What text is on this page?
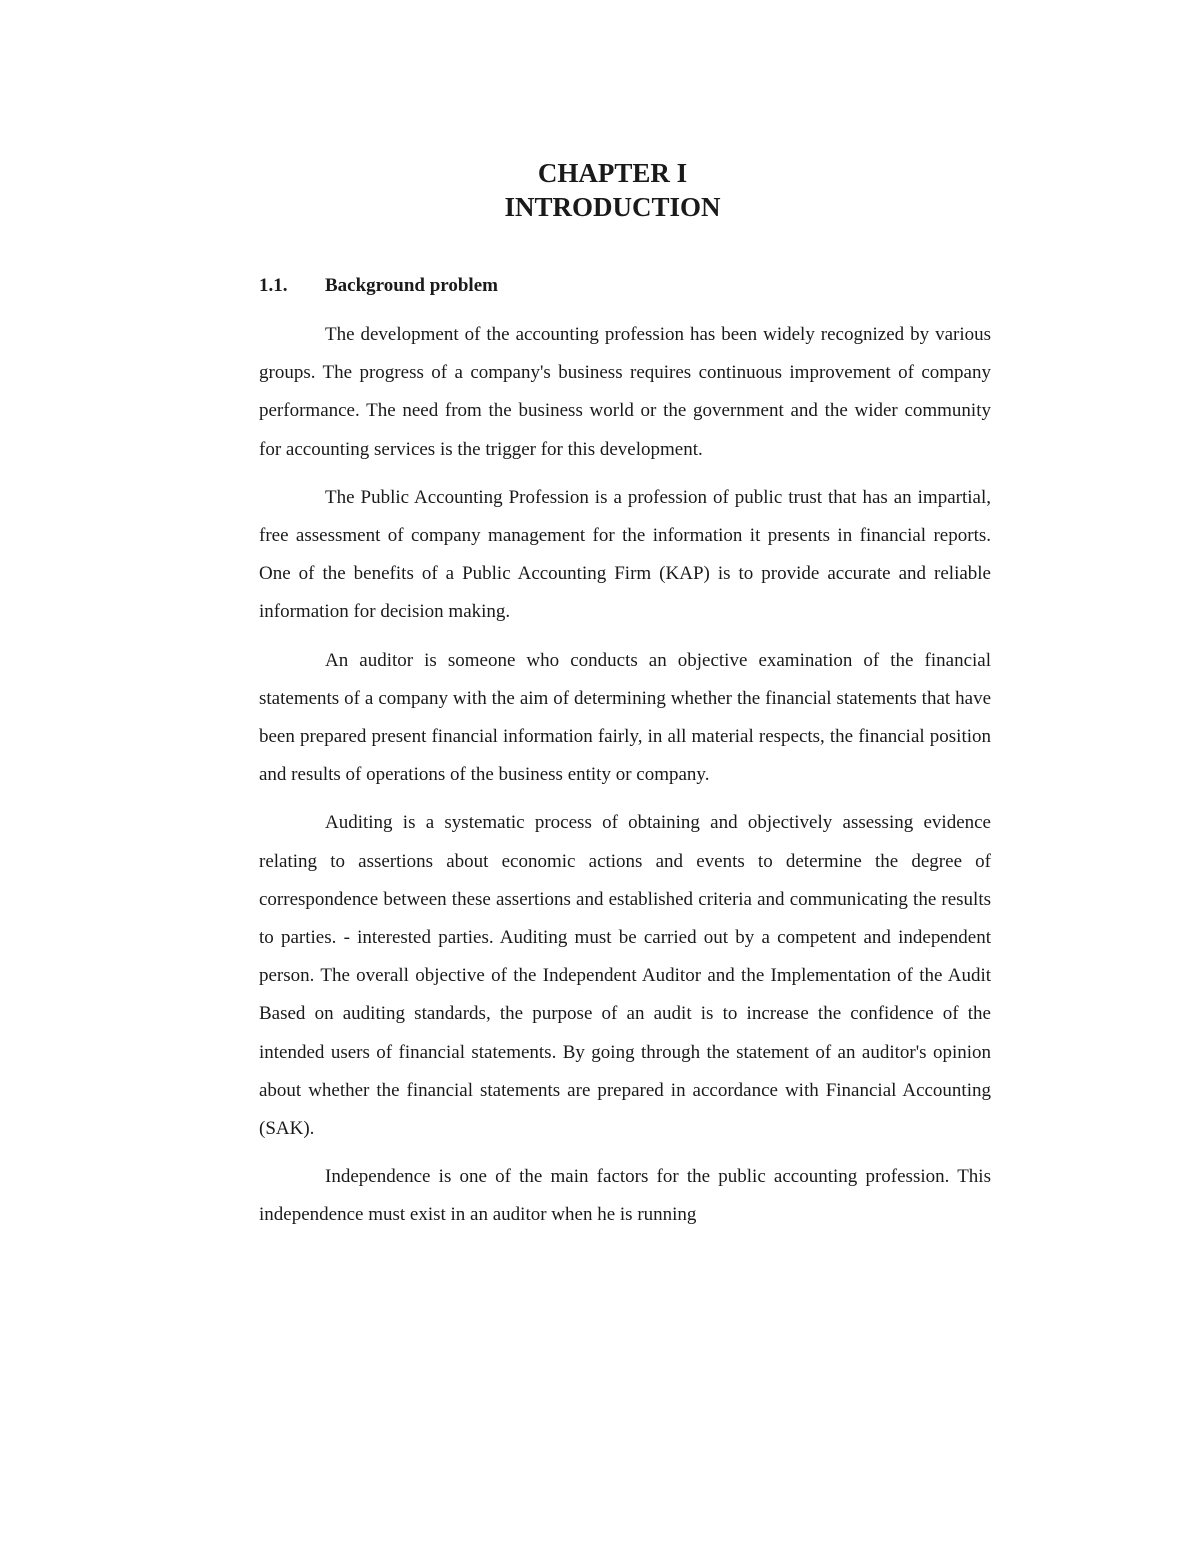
CHAPTER I
INTRODUCTION
1.1. Background problem

The development of the accounting profession has been widely recognized by various groups. The progress of a company's business requires continuous improvement of company performance. The need from the business world or the government and the wider community for accounting services is the trigger for this development.

The Public Accounting Profession is a profession of public trust that has an impartial, free assessment of company management for the information it presents in financial reports. One of the benefits of a Public Accounting Firm (KAP) is to provide accurate and reliable information for decision making.

An auditor is someone who conducts an objective examination of the financial statements of a company with the aim of determining whether the financial statements that have been prepared present financial information fairly, in all material respects, the financial position and results of operations of the business entity or company.

Auditing is a systematic process of obtaining and objectively assessing evidence relating to assertions about economic actions and events to determine the degree of correspondence between these assertions and established criteria and communicating the results to parties. - interested parties. Auditing must be carried out by a competent and independent person. The overall objective of the Independent Auditor and the Implementation of the Audit Based on auditing standards, the purpose of an audit is to increase the confidence of the intended users of financial statements. By going through the statement of an auditor's opinion about whether the financial statements are prepared in accordance with Financial Accounting (SAK).

Independence is one of the main factors for the public accounting profession. This independence must exist in an auditor when he is running
